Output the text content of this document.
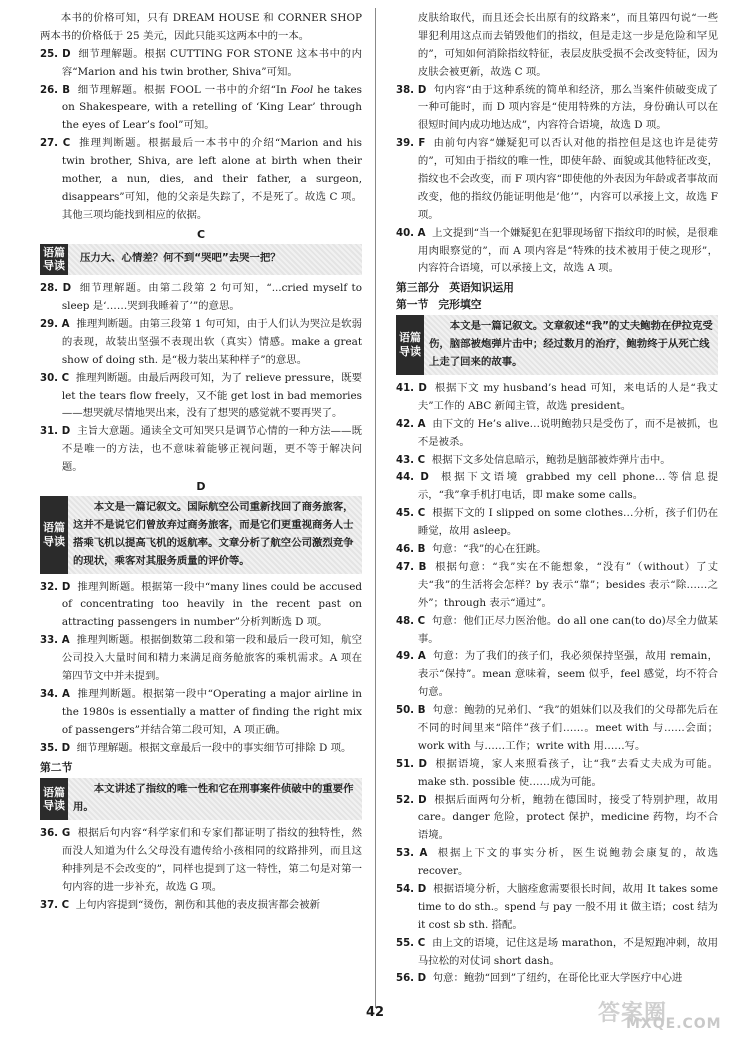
本书的价格可知，只有 DREAM HOUSE 和 CORNER SHOP 两本书的价格低于 25 美元，因此只能买这两本中的一本。

25. D 细节理解题。根据 CUTTING FOR STONE 这本书中的内容“Marion and his twin brother, Shiva”可知。

26. B 细节理解题。根据 FOOL 一书中的介绍“In Fool he takes on Shakespeare, with a retelling of ‘King Lear’ through the eyes of Lear’s fool”可知。

27. C 推理判断题。根据最后一本书中的介绍“Marion and his twin brother, Shiva, are left alone at birth when their mother, a nun, dies, and their father, a surgeon, disappears”可知，他的父亲是失踪了，不是死了。故选 C 项。其他三项均能找到相应的依据。

C
语篇
导读
压力大、心情差？何不到“哭吧”去哭一把？

28. D 细节理解题。由第二段第 2 句可知，“...cried myself to sleep 是‘……哭到我睡着了’”的意思。

29. A 推理判断题。由第三段第 1 句可知，由于人们认为哭泣是软弱的表现，故装出坚强不表现出软（真实）情感。make a great show of doing sth. 是“极力装出某种样子”的意思。

30. C 推理判断题。由最后两段可知，为了 relieve pressure，既要 let the tears flow freely，又不能 get lost in bad memories——想哭就尽情地哭出来，没有了想哭的感觉就不要再哭了。

31. D 主旨大意题。通读全文可知哭只是调节心情的一种方法——既不是唯一的方法，也不意味着能够正视问题，更不等于解决问题。

D
语篇
导读
本文是一篇记叙文。国际航空公司重新找回了商务旅客，这并不是说它们曾放弃过商务旅客，而是它们更重视商务人士搭乘飞机以提高飞机的返航率。文章分析了航空公司激烈竞争的现状，乘客对其服务质量的评价等。

32. D 推理判断题。根据第一段中“many lines could be accused of concentrating too heavily in the recent past on attracting passengers in number”分析判断选 D 项。

33. A 推理判断题。根据倒数第二段和第一段和最后一段可知，航空公司投入大量时间和精力来满足商务舱旅客的乘机需求。A 项在第四节文中并未提到。

34. A 推理判断题。根据第一段中“Operating a major airline in the 1980s is essentially a matter of finding the right mix of passengers”并结合第二段可知，A 项正确。

35. D 细节理解题。根据文章最后一段中的事实细节可排除 D 项。

第二节
语篇
导读
本文讲述了指纹的唯一性和它在刑事案件侦破中的重要作用。

36. G 根据后句内容“科学家们和专家们都证明了指纹的独特性，然而没人知道为什么父母没有遗传给小孩相同的纹路排列，而且这种排列是不会改变的”，同样也提到了这一特性，第二句是对第一句内容的进一步补充，故选 G 项。

37. C 上句内容提到“烫伤，割伤和其他的表皮损害都会被新

皮肤给取代，而且还会长出原有的纹路来”，而且第四句说“一些罪犯利用这点而去销毁他们的指纹，但是走这一步是危险和罕见的”，可知如何消除指纹特征，表层皮肤受损不会改变特征，因为皮肤会被更新，故选 C 项。

38. D 句内容“由于这种系统的简单和经济，那么当案件侦破变成了一种可能时，而 D 项内容是“使用特殊的方法，身份确认可以在很短时间内成功地达成”，内容符合语境，故选 D 项。

39. F 由前句内容“嫌疑犯可以否认对他的指控但是这也许是徒劳的”，可知由于指纹的唯一性，即使年龄、面貌或其他特征改变，指纹也不会改变，而 F 项内容“即使他的外表因为年龄或者事故而改变，他的指纹仍能证明他是‘他’”，内容可以承接上文，故选 F 项。

40. A 上文提到“当一个嫌疑犯在犯罪现场留下指纹印的时候，是很难用肉眼察觉的”，而 A 项内容是“特殊的技术被用于使之现形”，内容符合语境，可以承接上文，故选 A 项。

第三部分 英语知识运用
第一节 完形填空
语篇
导读
本文是一篇记叙文。文章叙述“我”的丈夫鲍勃在伊拉克受伤，脑部被炮弹片击中；经过数月的治疗，鲍勃终于从死亡线上走了回来的故事。

41. D 根据下文 my husband’s head 可知，来电话的人是“我丈夫”工作的 ABC 新闻主管，故选 president。

42. A 由下文的 He’s alive…说明鲍勃只是受伤了，而不是被抓，也不是被杀。

43. C 根据下文多处信息暗示，鲍勃是脑部被炸弹片击中。

44. D 根据下文语境 grabbed my cell phone…等信息提示，“我”拿手机打电话，即 make some calls。

45. C 根据下文的 I slipped on some clothes…分析，孩子们仍在睡觉，故用 asleep。

46. B 句意：“我”的心在狂跳。

47. B 根据句意：“我”实在不能想象，“没有”（without）了丈夫“我”的生活将会怎样？by 表示“靠”；besides 表示“除……之外”；through 表示“通过”。

48. C 句意：他们正尽力医治他。do all one can(to do)尽全力做某事。

49. A 句意：为了我们的孩子们，我必须保持坚强，故用 remain，表示“保持”。mean 意味着，seem 似乎，feel 感觉，均不符合句意。

50. B 句意：鲍勃的兄弟们、“我”的姐妹们以及我们的父母都先后在不同的时间里来“陪伴”孩子们……。meet with 与……会面；work with 与……工作；write with 用……写。

51. D 根据语境，家人来照看孩子，让“我”去看丈夫成为可能。make sth. possible 使……成为可能。

52. D 根据后面两句分析，鲍勃在德国时，接受了特别护理，故用 care。danger 危险，protect 保护，medicine 药物，均不合语境。

53. A 根据上下文的事实分析，医生说鲍勃会康复的，故选 recover。

54. D 根据语境分析，大脑痊愈需要很长时间，故用 It takes some time to do sth.。spend 与 pay 一般不用 it 做主语；cost 结为 it cost sb sth. 搭配。

55. C 由上文的语境，记住这是场 marathon，不是短跑冲刺，故用马拉松的对仗词 short dash。

56. D 句意：鲍勃“回到”了纽约，在哥伦比亚大学医疗中心进

42	答案圈
MXQE.COM
